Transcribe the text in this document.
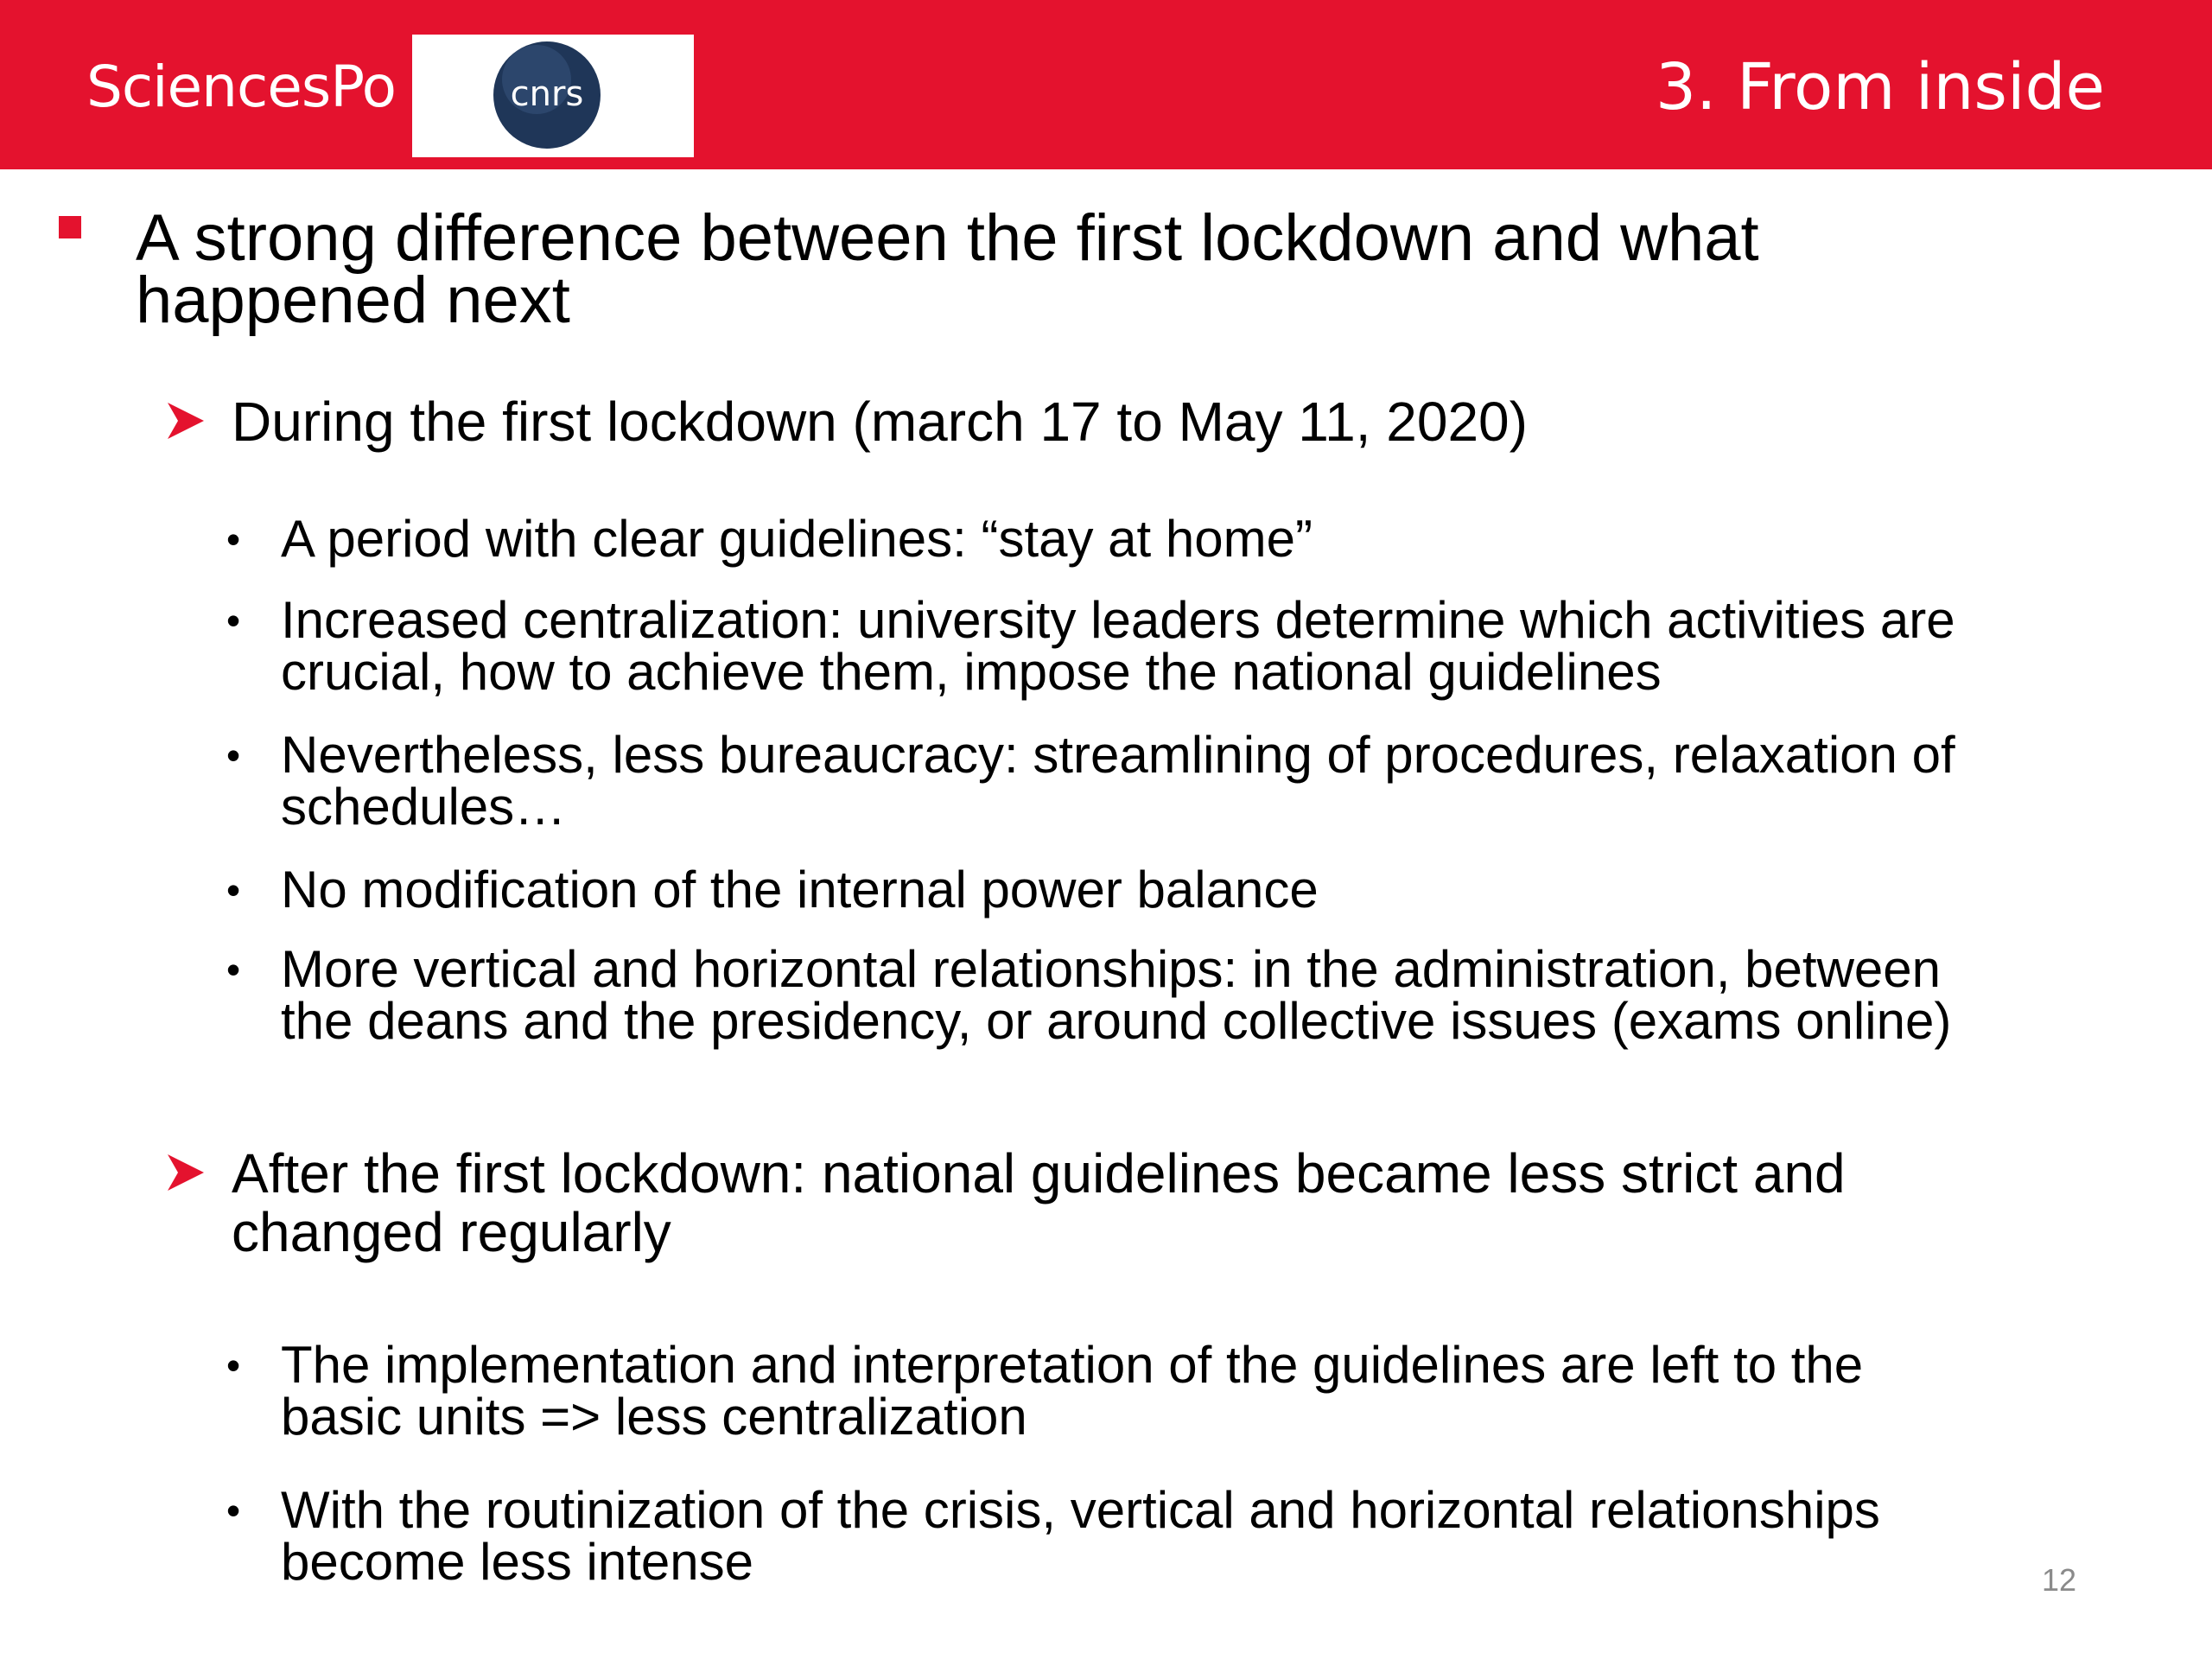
SciencesPo	cnrs	3. From inside
A strong difference between the first lockdown and what
happened next
During the first lockdown (march 17 to May 11, 2020)
• A period with clear guidelines: “stay at home”
• Increased centralization: university leaders determine which activities are
crucial, how to achieve them, impose the national guidelines
• Nevertheless, less bureaucracy: streamlining of procedures, relaxation of
schedules…
• No modification of the internal power balance
• More vertical and horizontal relationships: in the administration, between
the deans and the presidency, or around collective issues (exams online)
After the first lockdown: national guidelines became less strict and
changed regularly
• The implementation and interpretation of the guidelines are left to the
basic units => less centralization
• With the routinization of the crisis, vertical and horizontal relationships
become less intense	12
